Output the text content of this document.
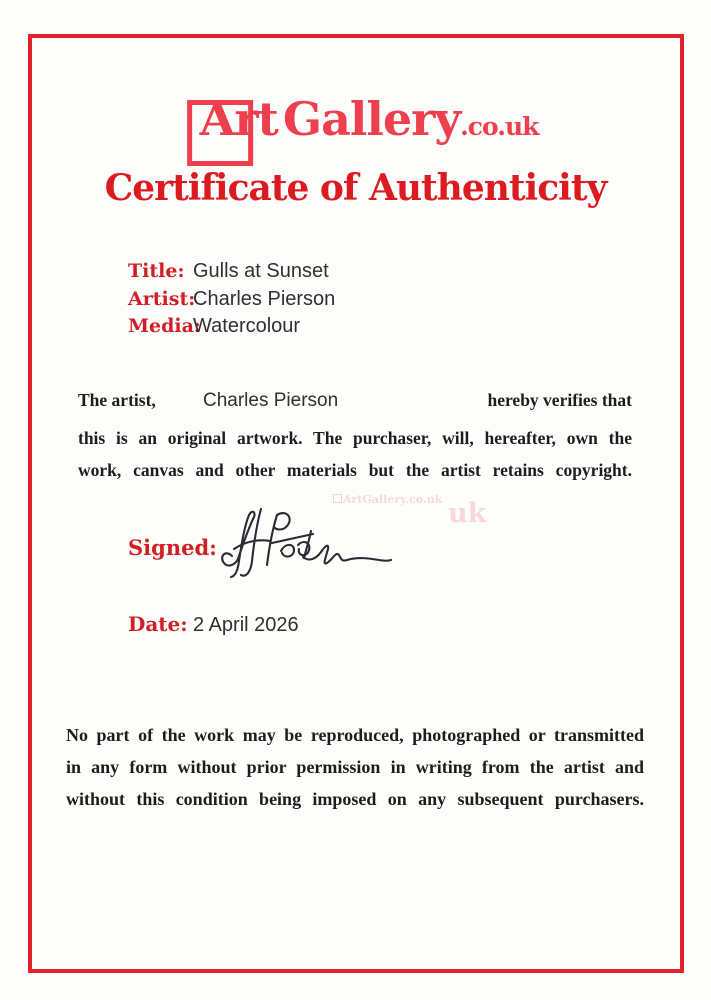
Art Gallery.co.uk
Certificate of Authenticity
Title: Gulls at Sunset
Artist:
Charles Pierson
Media:
Watercolour
The artist, Charles Pierson	hereby verifies that
this is an original artwork. The purchaser, will, hereafter, own the
work, canvas and other materials but the artist retains copyright.
ArtGallery.co.uk uk
Signed:
Date: 2 April 2026
No part of the work may be reproduced, photographed or transmitted
in any form without prior permission in writing from the artist and
without this condition being imposed on any subsequent purchasers.
